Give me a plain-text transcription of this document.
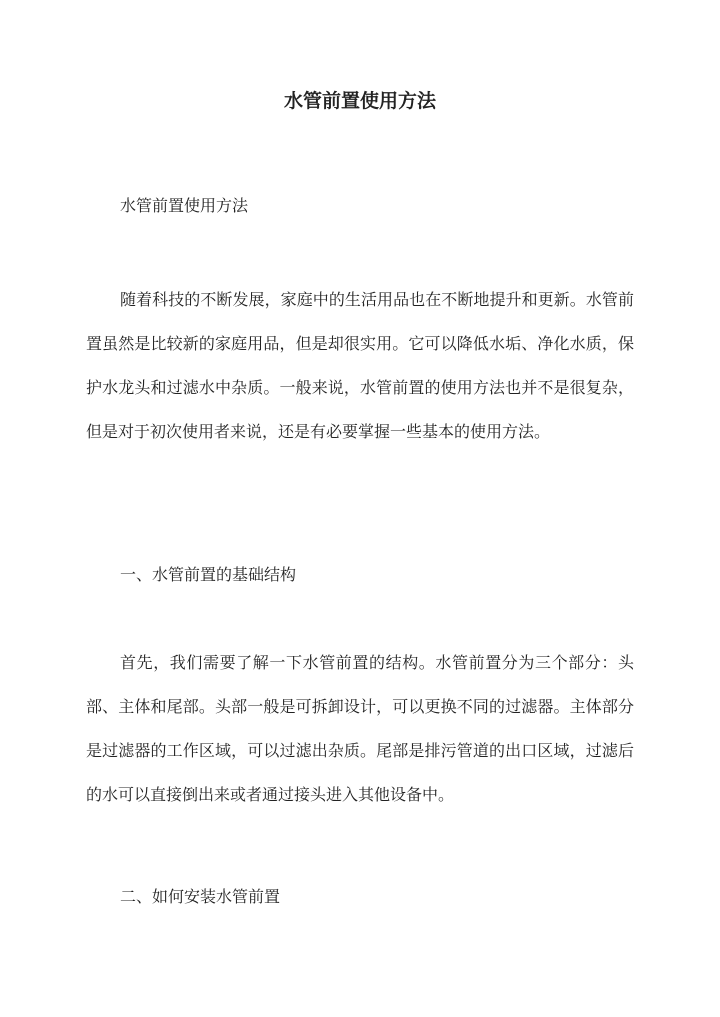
水管前置使用方法

水管前置使用方法

随着科技的不断发展，家庭中的生活用品也在不断地提升和更新。水管前置虽然是比较新的家庭用品，但是却很实用。它可以降低水垢、净化水质，保护水龙头和过滤水中杂质。一般来说，水管前置的使用方法也并不是很复杂，但是对于初次使用者来说，还是有必要掌握一些基本的使用方法。

一、水管前置的基础结构

首先，我们需要了解一下水管前置的结构。水管前置分为三个部分：头部、主体和尾部。头部一般是可拆卸设计，可以更换不同的过滤器。主体部分是过滤器的工作区域，可以过滤出杂质。尾部是排污管道的出口区域，过滤后的水可以直接倒出来或者通过接头进入其他设备中。

二、如何安装水管前置
